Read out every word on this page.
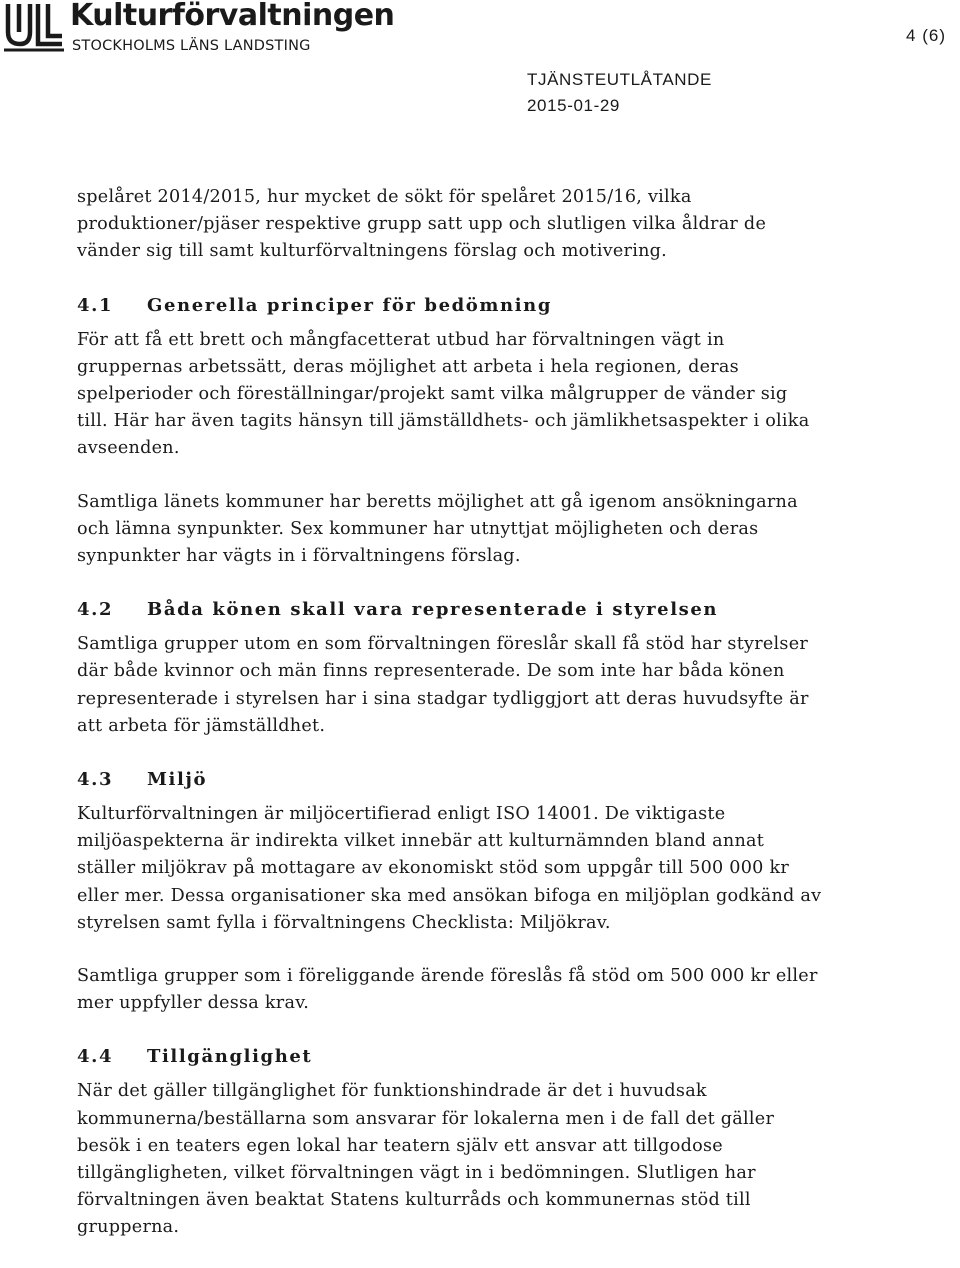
Kulturförvaltningen
STOCKHOLMS LÄNS LANDSTING
4 (6)
TJÄNSTEUTLÅTANDE
2015-01-29

spelåret 2014/2015, hur mycket de sökt för spelåret 2015/16, vilka produktioner/pjäser respektive grupp satt upp och slutligen vilka åldrar de vänder sig till samt kulturförvaltningens förslag och motivering.

4.1	Generella principer för bedömning

För att få ett brett och mångfacetterat utbud har förvaltningen vägt in gruppernas arbetssätt, deras möjlighet att arbeta i hela regionen, deras spelperioder och föreställningar/projekt samt vilka målgrupper de vänder sig till. Här har även tagits hänsyn till jämställdhets- och jämlikhetsaspekter i olika avseenden.

Samtliga länets kommuner har beretts möjlighet att gå igenom ansökningarna och lämna synpunkter. Sex kommuner har utnyttjat möjligheten och deras synpunkter har vägts in i förvaltningens förslag.

4.2	Båda könen skall vara representerade i styrelsen

Samtliga grupper utom en som förvaltningen föreslår skall få stöd har styrelser där både kvinnor och män finns representerade. De som inte har båda könen representerade i styrelsen har i sina stadgar tydliggjort att deras huvudsyfte är att arbeta för jämställdhet.

4.3	Miljö

Kulturförvaltningen är miljöcertifierad enligt ISO 14001. De viktigaste miljöaspekterna är indirekta vilket innebär att kulturnämnden bland annat ställer miljökrav på mottagare av ekonomiskt stöd som uppgår till 500 000 kr eller mer. Dessa organisationer ska med ansökan bifoga en miljöplan godkänd av styrelsen samt fylla i förvaltningens Checklista: Miljökrav.

Samtliga grupper som i föreliggande ärende föreslås få stöd om 500 000 kr eller mer uppfyller dessa krav.

4.4	Tillgänglighet

När det gäller tillgänglighet för funktionshindrade är det i huvudsak kommunerna/beställarna som ansvarar för lokalerna men i de fall det gäller besök i en teaters egen lokal har teatern själv ett ansvar att tillgodose tillgängligheten, vilket förvaltningen vägt in i bedömningen. Slutligen har förvaltningen även beaktat Statens kulturråds och kommunernas stöd till grupperna.
